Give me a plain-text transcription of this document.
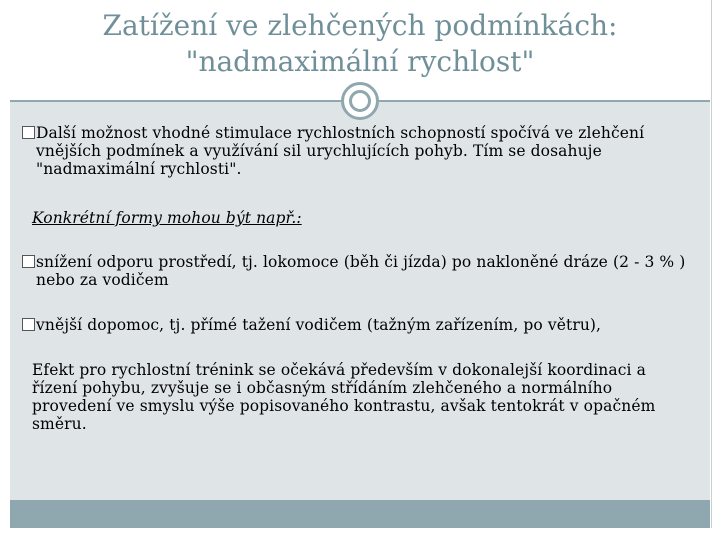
Zatížení ve zlehčených podmínkách:
"nadmaximální rychlost"

Další možnost vhodné stimulace rychlostních schopností spočívá ve zlehčení vnějších podmínek a využívání sil urychlujících pohyb. Tím se dosahuje "nadmaximální rychlosti".

Konkrétní formy mohou být např.:

snížení odporu prostředí, tj. lokomoce (běh či jízda) po nakloněné dráze (2 - 3 % ) nebo za vodičem

vnější dopomoc, tj. přímé tažení vodičem (tažným zařízením, po větru),

Efekt pro rychlostní trénink se očekává především v dokonalejší koordinaci a řízení pohybu, zvyšuje se i občasným střídáním zlehčeného a normálního provedení ve smyslu výše popisovaného kontrastu, avšak tentokrát v opačném směru.
